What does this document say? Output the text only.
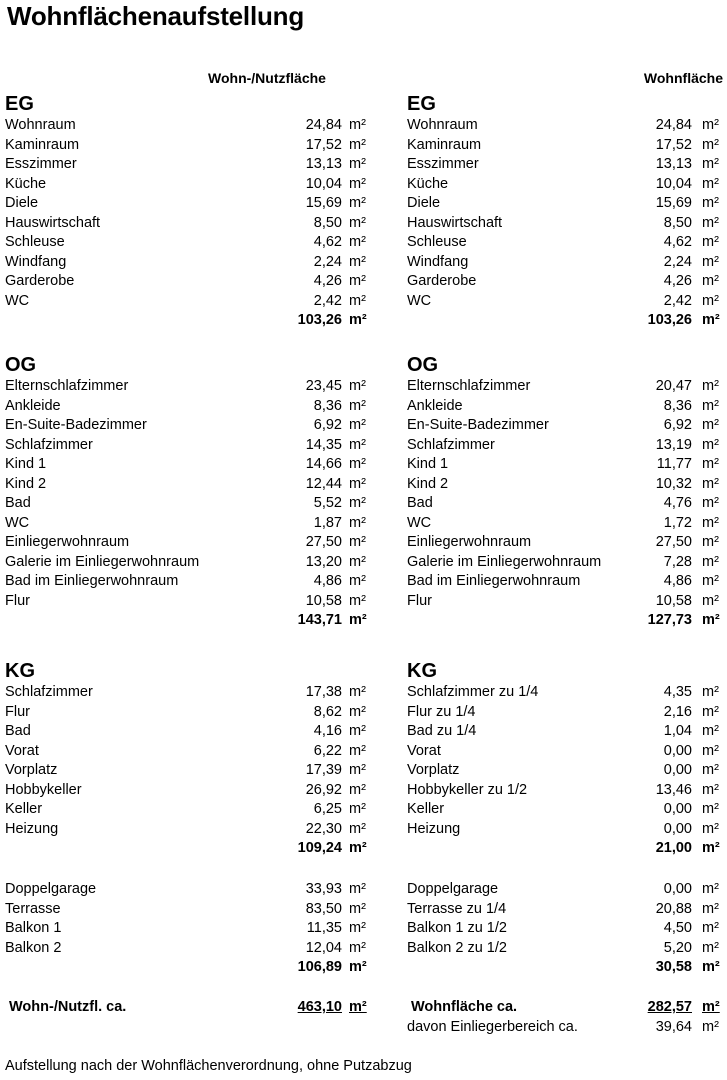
Wohnflächenaufstellung
Wohn-/Nutzfläche
EG
Wohnraum	24,84 m²
Kaminraum	17,52 m²
Esszimmer	13,13 m²
Küche	10,04 m²
Diele	15,69 m²
Hauswirtschaft	8,50 m²
Schleuse	4,62 m²
Windfang	2,24 m²
Garderobe	4,26 m²
WC	2,42 m²
103,26 m²
OG
Elternschlafzimmer	23,45 m²
Ankleide	8,36 m²
En-Suite-Badezimmer	6,92 m²
Schlafzimmer	14,35 m²
Kind 1	14,66 m²
Kind 2	12,44 m²
Bad	5,52 m²
WC	1,87 m²
Einliegerwohnraum	27,50 m²
Galerie im Einliegerwohnraum	13,20 m²
Bad im Einliegerwohnraum	4,86 m²
Flur	10,58 m²
143,71 m²
KG
Schlafzimmer	17,38 m²
Flur	8,62 m²
Bad	4,16 m²
Vorat	6,22 m²
Vorplatz	17,39 m²
Hobbykeller	26,92 m²
Keller	6,25 m²
Heizung	22,30 m²
109,24 m²
Doppelgarage	33,93 m²
Terrasse	83,50 m²
Balkon 1	11,35 m²
Balkon 2	12,04 m²
106,89 m²
Wohn-/Nutzfl. ca.	463,10 m²
Wohnfläche
EG
Wohnraum	24,84 m²
Kaminraum	17,52 m²
Esszimmer	13,13 m²
Küche	10,04 m²
Diele	15,69 m²
Hauswirtschaft	8,50 m²
Schleuse	4,62 m²
Windfang	2,24 m²
Garderobe	4,26 m²
WC	2,42 m²
103,26 m²
OG
Elternschlafzimmer	20,47 m²
Ankleide	8,36 m²
En-Suite-Badezimmer	6,92 m²
Schlafzimmer	13,19 m²
Kind 1	11,77 m²
Kind 2	10,32 m²
Bad	4,76 m²
WC	1,72 m²
Einliegerwohnraum	27,50 m²
Galerie im Einliegerwohnraum	7,28 m²
Bad im Einliegerwohnraum	4,86 m²
Flur	10,58 m²
127,73 m²
KG
Schlafzimmer zu 1/4	4,35 m²
Flur zu 1/4	2,16 m²
Bad zu 1/4	1,04 m²
Vorat	0,00 m²
Vorplatz	0,00 m²
Hobbykeller zu 1/2	13,46 m²
Keller	0,00 m²
Heizung	0,00 m²
21,00 m²
Doppelgarage	0,00 m²
Terrasse zu 1/4	20,88 m²
Balkon 1 zu 1/2	4,50 m²
Balkon 2 zu 1/2	5,20 m²
30,58 m²
Wohnfläche ca.	282,57 m²
davon Einliegerbereich ca.	39,64 m²
Aufstellung nach der Wohnflächenverordnung, ohne Putzabzug
